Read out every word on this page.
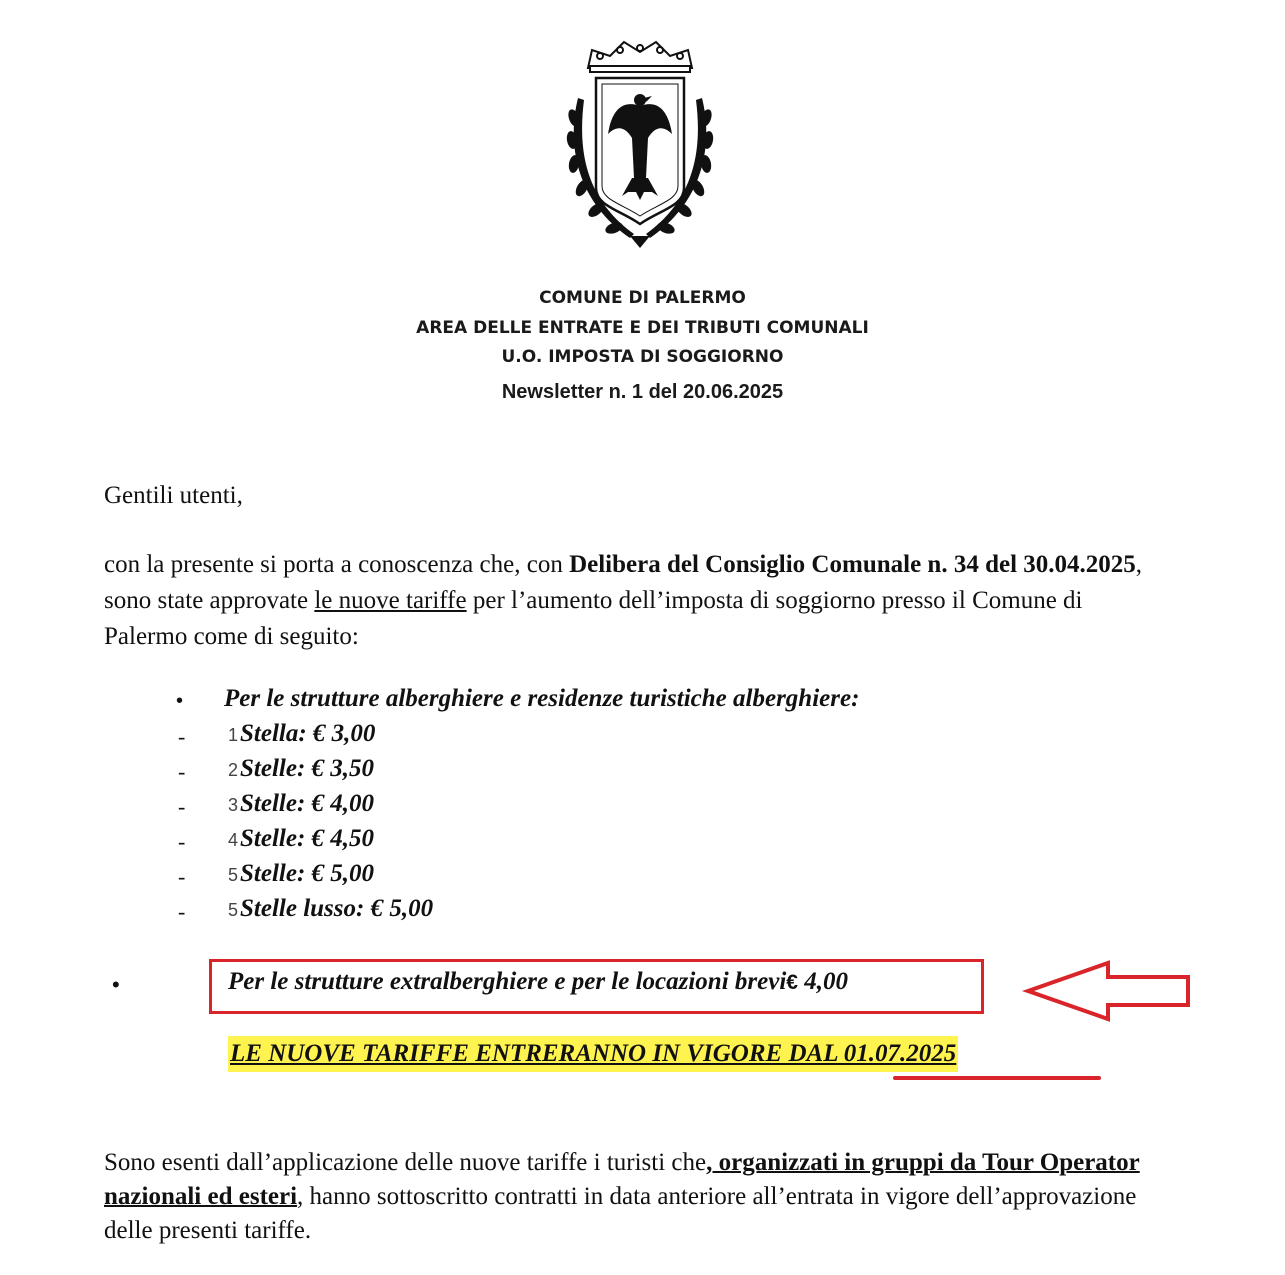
COMUNE DI PALERMO
AREA DELLE ENTRATE E DEI TRIBUTI COMUNALI
U.O. IMPOSTA DI SOGGIORNO
Newsletter n. 1 del 20.06.2025
Gentili utenti,
con la presente si porta a conoscenza che, con Delibera del Consiglio Comunale n. 34 del 30.04.2025, sono state approvate le nuove tariffe per l’aumento dell’imposta di soggiorno presso il Comune di Palermo come di seguito:
• Per le strutture alberghiere e residenze turistiche alberghiere:
- 1Stella: € 3,00
- 2Stelle: € 3,50
- 3Stelle: € 4,00
- 4Stelle: € 4,50
- 5Stelle: € 5,00
- 5Stelle lusso: € 5,00
•	Per le strutture extralberghiere e per le locazioni brevi€ 4,00
LE NUOVE TARIFFE ENTRERANNO IN VIGORE DAL 01.07.2025
Sono esenti dall’applicazione delle nuove tariffe i turisti che, organizzati in gruppi da Tour Operator nazionali ed esteri, hanno sottoscritto contratti in data anteriore all’entrata in vigore dell’approvazione delle presenti tariffe.
